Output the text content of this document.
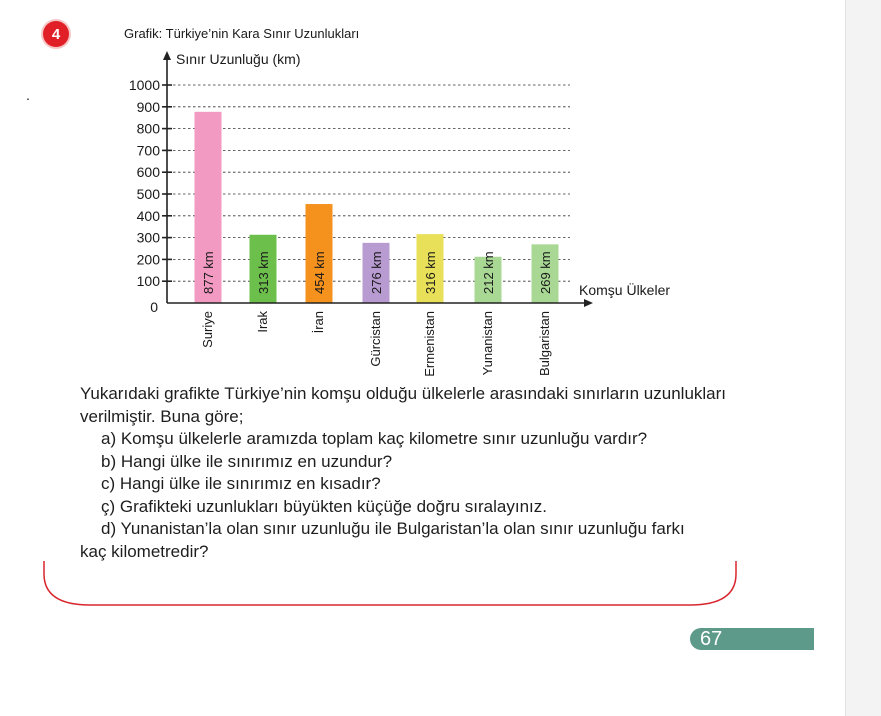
4
.
Grafik: Türkiye’nin Kara Sınır Uzunlukları
Sınır Uzunluğu (km)
Komşu Ülkeler
877 km
Suriye
313 km
Irak
454 km
İran
276 km
Gürcistan
316 km
Ermenistan
212 km
Yunanistan
269 km
Bulgaristan
0
100
200
300
400
500
600
700
800
900
1000
Yukarıdaki grafikte Türkiye’nin komşu olduğu ülkelerle arasındaki sınırların uzunlukları verilmiştir. Buna göre;
a) Komşu ülkelerle aramızda toplam kaç kilometre sınır uzunluğu vardır?
b) Hangi ülke ile sınırımız en uzundur?
c) Hangi ülke ile sınırımız en kısadır?
ç) Grafikteki uzunlukları büyükten küçüğe doğru sıralayınız.
d) Yunanistan’la olan sınır uzunluğu ile Bulgaristan’la olan sınır uzunluğu farkı
kaç kilometredir?
67
